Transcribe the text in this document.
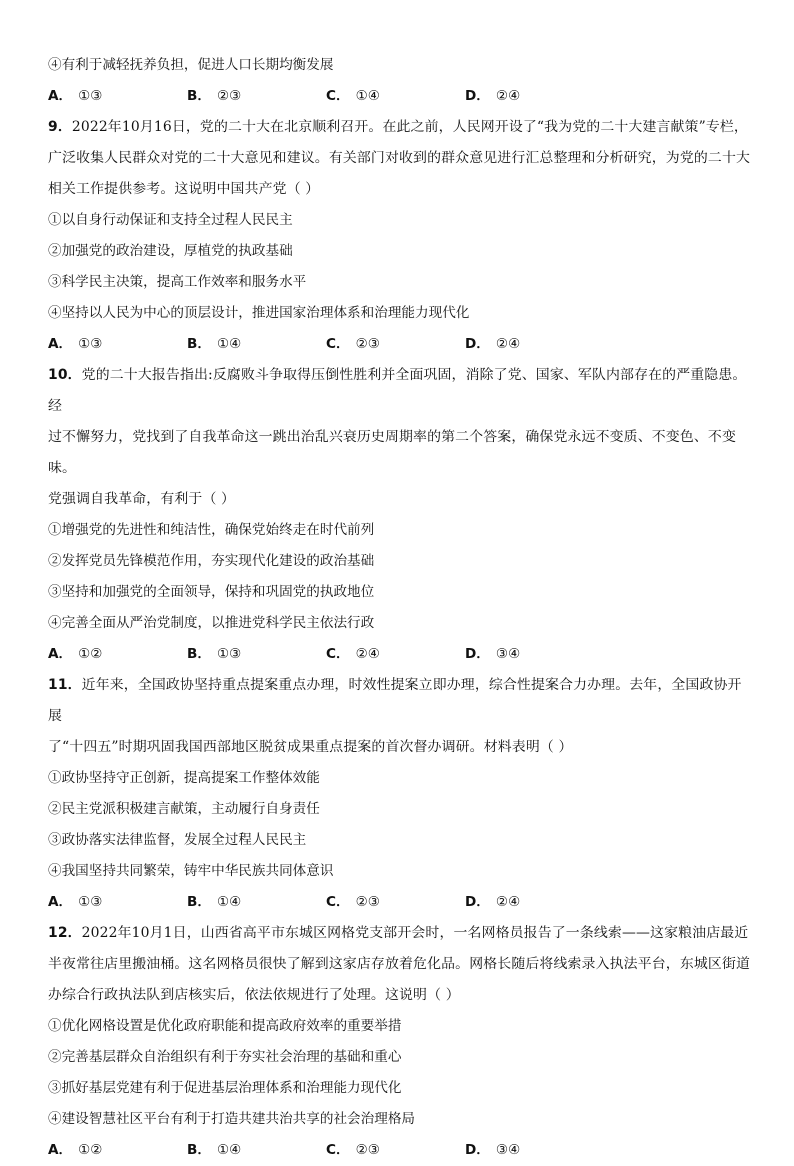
④有利于减轻抚养负担，促进人口长期均衡发展
A． ①③	B． ②③	C． ①④	D． ②④
9．2022年10月16日，党的二十大在北京顺利召开。在此之前，人民网开设了“我为党的二十大建言献策”专栏，
广泛收集人民群众对党的二十大意见和建议。有关部门对收到的群众意见进行汇总整理和分析研究，为党的二十大
相关工作提供参考。这说明中国共产党（ ）
①以自身行动保证和支持全过程人民民主
②加强党的政治建设，厚植党的执政基础
③科学民主决策，提高工作效率和服务水平
④坚持以人民为中心的顶层设计，推进国家治理体系和治理能力现代化
A． ①③	B． ①④	C． ②③	D． ②④
10．党的二十大报告指出:反腐败斗争取得压倒性胜利并全面巩固，消除了党、国家、军队内部存在的严重隐患。经
过不懈努力，党找到了自我革命这一跳出治乱兴衰历史周期率的第二个答案，确保党永远不变质、不变色、不变味。
党强调自我革命，有利于（ ）
①增强党的先进性和纯洁性，确保党始终走在时代前列
②发挥党员先锋模范作用，夯实现代化建设的政治基础
③坚持和加强党的全面领导，保持和巩固党的执政地位
④完善全面从严治党制度，以推进党科学民主依法行政
A． ①②	B． ①③	C． ②④	D． ③④
11．近年来，全国政协坚持重点提案重点办理，时效性提案立即办理，综合性提案合力办理。去年，全国政协开展
了“十四五”时期巩固我国西部地区脱贫成果重点提案的首次督办调研。材料表明（ ）
①政协坚持守正创新，提高提案工作整体效能
②民主党派积极建言献策，主动履行自身责任
③政协落实法律监督，发展全过程人民民主
④我国坚持共同繁荣，铸牢中华民族共同体意识
A． ①③	B． ①④	C． ②③	D． ②④
12．2022年10月1日，山西省高平市东城区网格党支部开会时，一名网格员报告了一条线索——这家粮油店最近
半夜常往店里搬油桶。这名网格员很快了解到这家店存放着危化品。网格长随后将线索录入执法平台，东城区街道
办综合行政执法队到店核实后，依法依规进行了处理。这说明（ ）
①优化网格设置是优化政府职能和提高政府效率的重要举措
②完善基层群众自治组织有利于夯实社会治理的基础和重心
③抓好基层党建有利于促进基层治理体系和治理能力现代化
④建设智慧社区平台有利于打造共建共治共享的社会治理格局
A． ①②	B． ①④	C． ②③	D． ③④
